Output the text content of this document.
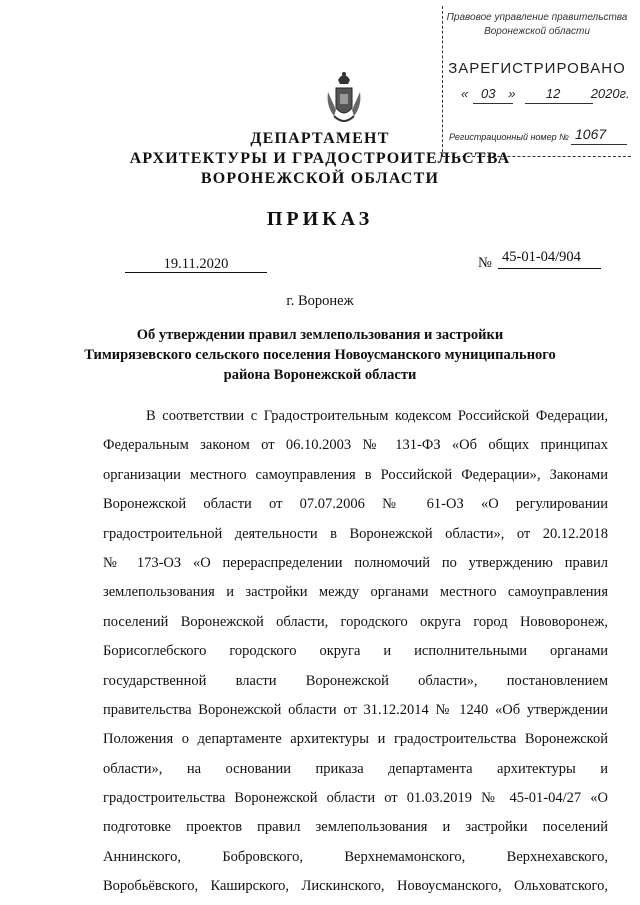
Правовое управление правительства
Воронежской области
ЗАРЕГИСТРИРОВАНО
« 03 » 12 2020г.
Регистрационный номер № 1067
ДЕПАРТАМЕНТ
АРХИТЕКТУРЫ И ГРАДОСТРОИТЕЛЬСТВА
ВОРОНЕЖСКОЙ ОБЛАСТИ
ПРИКАЗ
19.11.2020	№ 45-01-04/904
г. Воронеж
Об утверждении правил землепользования и застройки
Тимирязевского сельского поселения Новоусманского муниципального
района Воронежской области
В соответствии с Градостроительным кодексом Российской Федерации,
Федеральным законом от 06.10.2003 № 131-ФЗ «Об общих принципах
организации местного самоуправления в Российской Федерации», Законами
Воронежской области от 07.07.2006 № 61-ОЗ «О регулировании
градостроительной деятельности в Воронежской области», от 20.12.2018
№ 173-ОЗ «О перераспределении полномочий по утверждению правил
землепользования и застройки между органами местного самоуправления
поселений Воронежской области, городского округа город Нововоронеж,
Борисоглебского городского округа и исполнительными органами
государственной власти Воронежской области», постановлением
правительства Воронежской области от 31.12.2014 № 1240 «Об утверждении
Положения о департаменте архитектуры и градостроительства Воронежской
области», на основании приказа департамента архитектуры и
градостроительства Воронежской области от 01.03.2019 № 45-01-04/27 «О
подготовке проектов правил землепользования и застройки поселений
Аннинского, Бобровского, Верхнемамонского, Верхнехавского,
Воробьёвского, Каширского, Лискинского, Новоусманского, Ольховатского,
